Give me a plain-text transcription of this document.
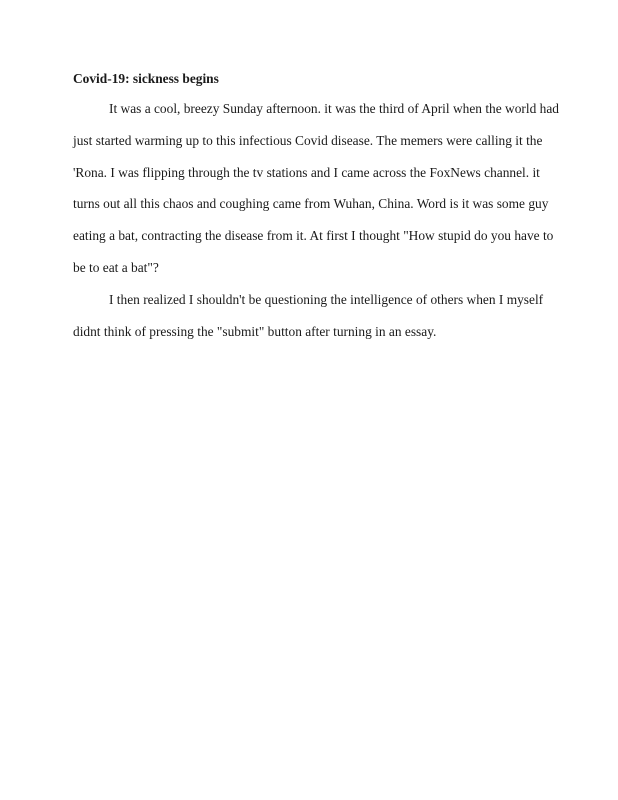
Covid-19: sickness begins

It was a cool, breezy Sunday afternoon. it was the third of April when the world had just started warming up to this infectious Covid disease. The memers were calling it the 'Rona. I was flipping through the tv stations and I came across the FoxNews channel. it turns out all this chaos and coughing came from Wuhan, China. Word is it was some guy eating a bat, contracting the disease from it. At first I thought "How stupid do you have to be to eat a bat"?

I then realized I shouldn't be questioning the intelligence of others when I myself didnt think of pressing the "submit" button after turning in an essay.
